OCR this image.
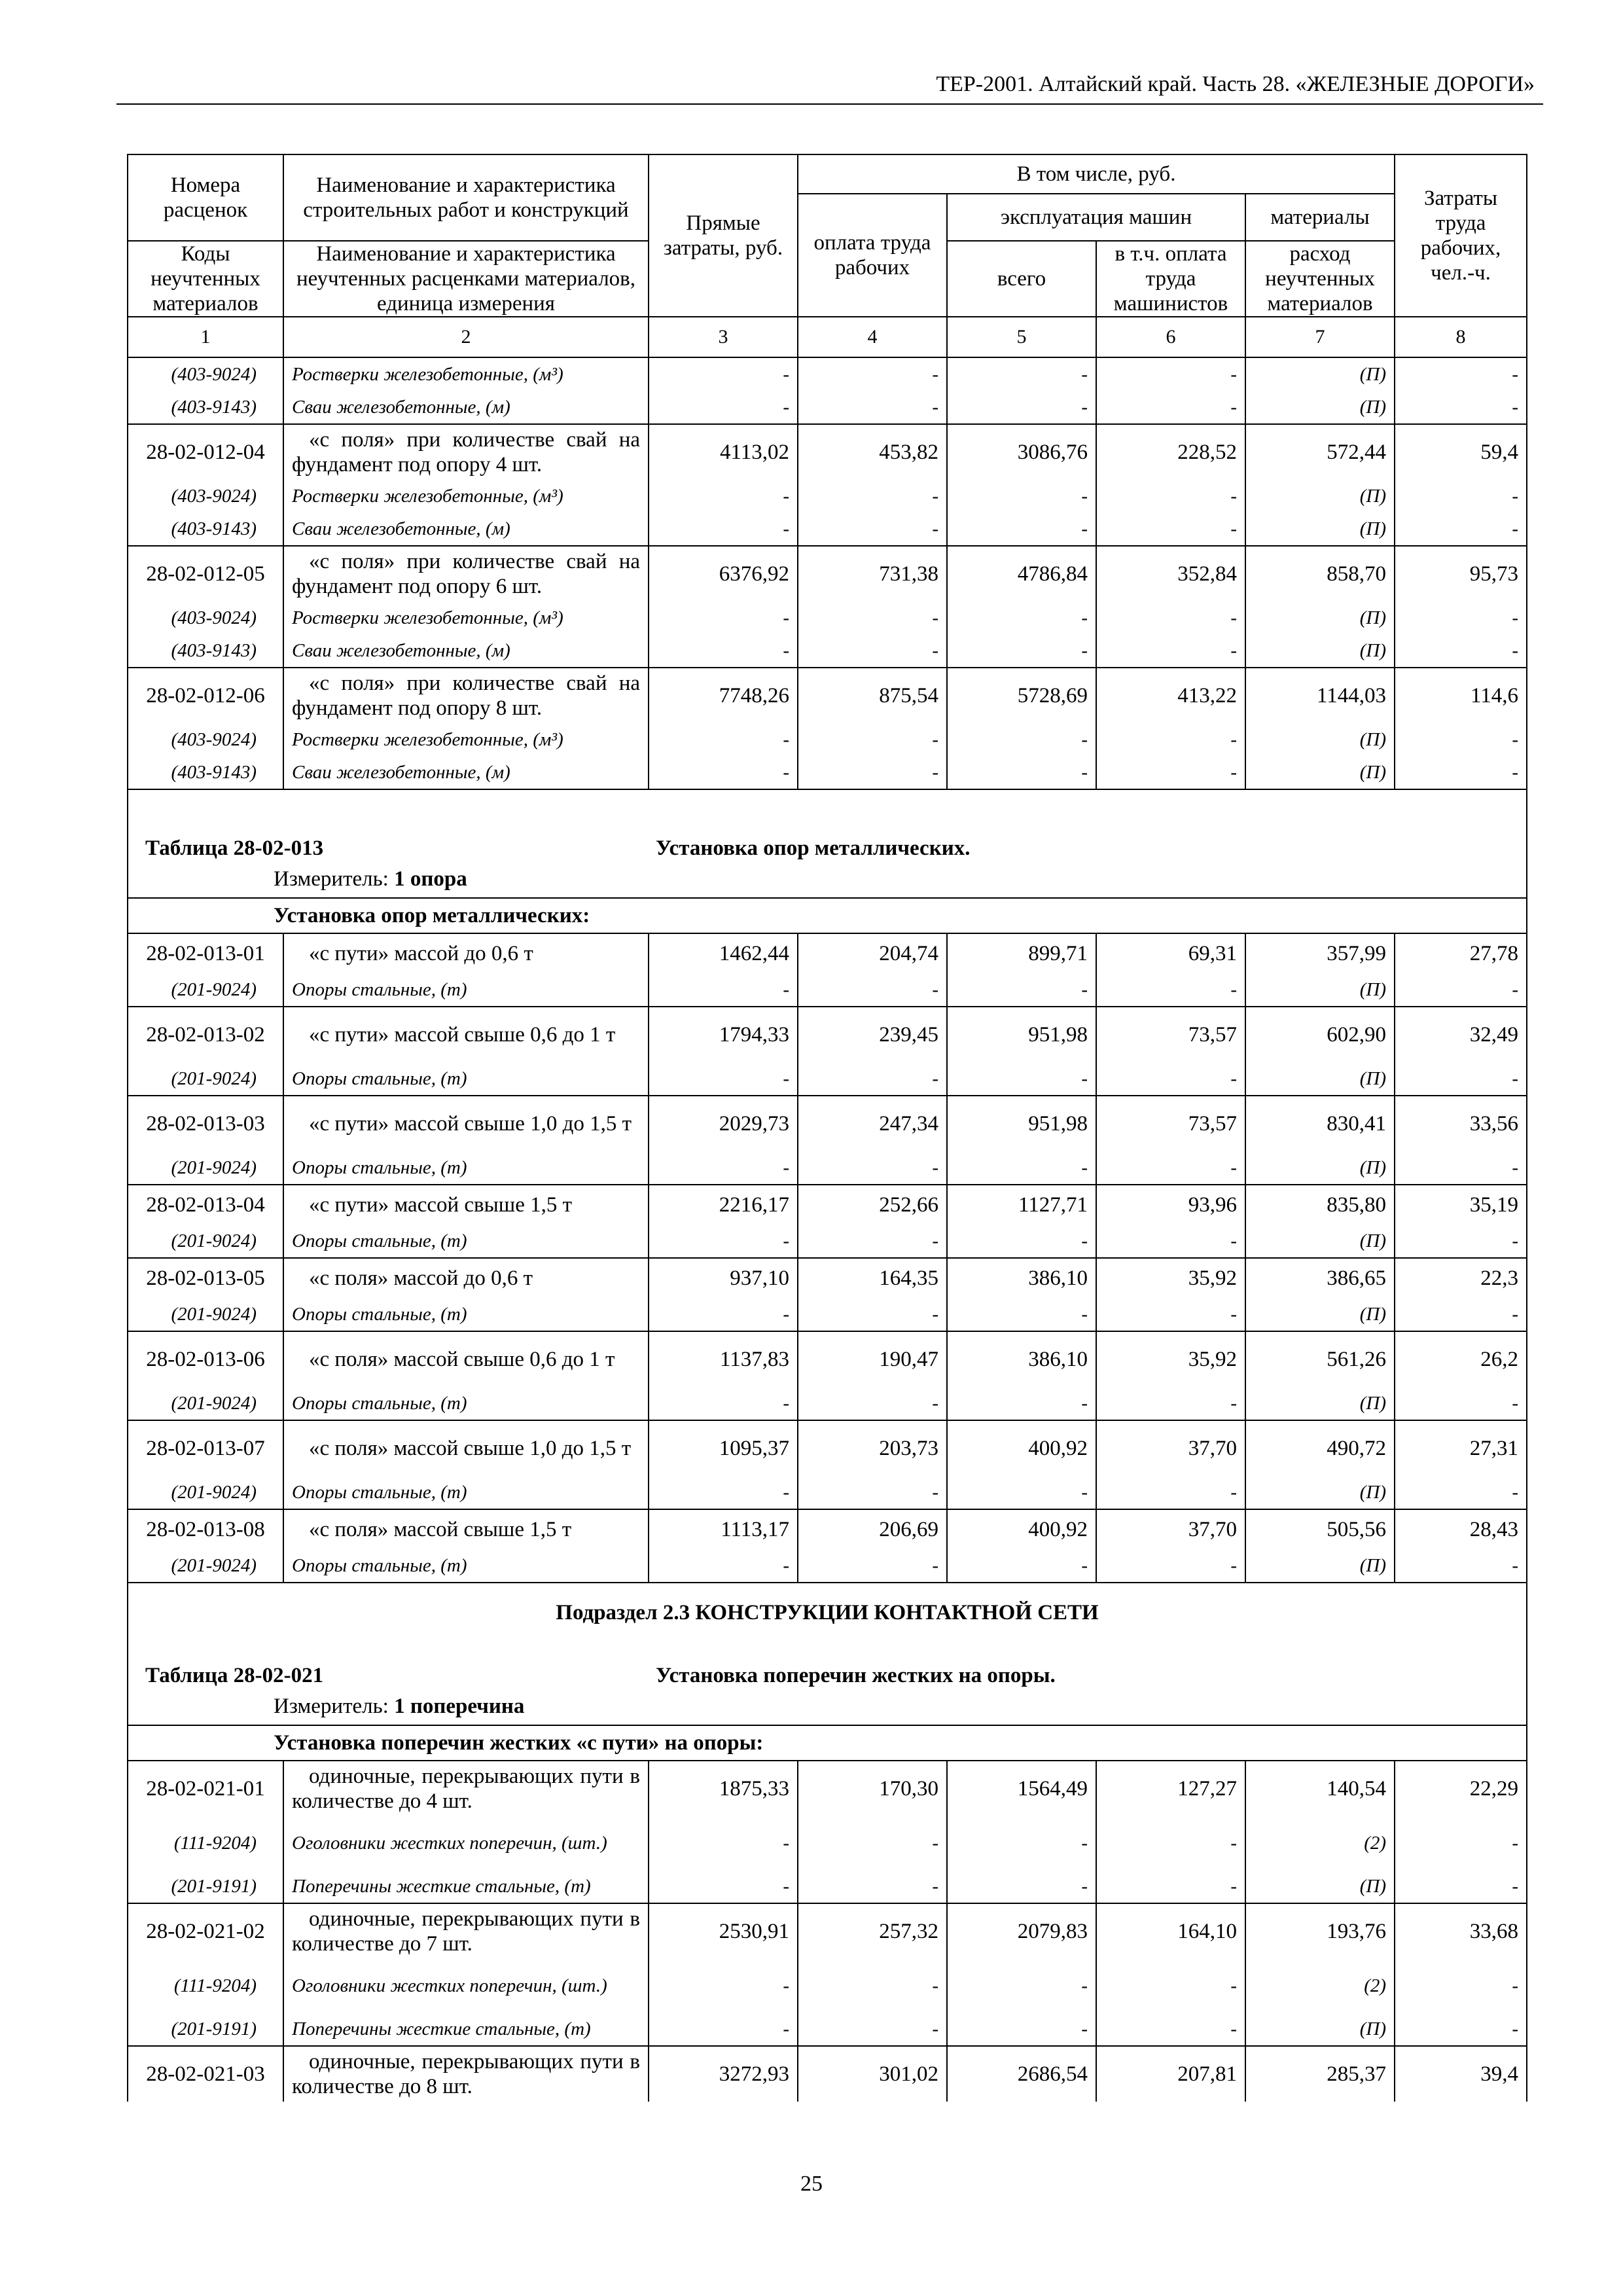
ТЕР-2001. Алтайский край. Часть 28. «ЖЕЛЕЗНЫЕ ДОРОГИ»
Номера расценок	Наименование и характеристика строительных работ и конструкций	Прямые затраты, руб.	В том числе, руб.				Затраты труда рабочих, чел.-ч.
			оплата труда рабочих	эксплуатация машин		материалы	
Коды неучтенных материалов	Наименование и характеристика неучтенных расценками материалов, единица измерения			всего	в т.ч. оплата труда машинистов	расход неучтенных материалов	

1	2	3	4	5	6	7	8
(403-9024)	Ростверки железобетонные, (м³)	-	-	-	-	(П)	-
(403-9143)	Сваи железобетонные, (м)	-	-	-	-	(П)	-
28-02-012-04	«с поля» при количестве свай на фундамент под опору 4 шт.	4113,02	453,82	3086,76	228,52	572,44	59,4
(403-9024)	Ростверки железобетонные, (м³)	-	-	-	-	(П)	-
(403-9143)	Сваи железобетонные, (м)	-	-	-	-	(П)	-
28-02-012-05	«с поля» при количестве свай на фундамент под опору 6 шт.	6376,92	731,38	4786,84	352,84	858,70	95,73
(403-9024)	Ростверки железобетонные, (м³)	-	-	-	-	(П)	-
(403-9143)	Сваи железобетонные, (м)	-	-	-	-	(П)	-
28-02-012-06	«с поля» при количестве свай на фундамент под опору 8 шт.	7748,26	875,54	5728,69	413,22	1144,03	114,6
(403-9024)	Ростверки железобетонные, (м³)	-	-	-	-	(П)	-
(403-9143)	Сваи железобетонные, (м)	-	-	-	-	(П)	-
Таблица 28-02-013 Установка опор металлических.							
Измеритель: 1 опора							
Установка опор металлических:							
28-02-013-01	«с пути» массой до 0,6 т	1462,44	204,74	899,71	69,31	357,99	27,78
(201-9024)	Опоры стальные, (т)	-	-	-	-	(П)	-
28-02-013-02	«с пути» массой свыше 0,6 до 1 т	1794,33	239,45	951,98	73,57	602,90	32,49
(201-9024)	Опоры стальные, (т)	-	-	-	-	(П)	-
28-02-013-03	«с пути» массой свыше 1,0 до 1,5 т	2029,73	247,34	951,98	73,57	830,41	33,56
(201-9024)	Опоры стальные, (т)	-	-	-	-	(П)	-
28-02-013-04	«с пути» массой свыше 1,5 т	2216,17	252,66	1127,71	93,96	835,80	35,19
(201-9024)	Опоры стальные, (т)	-	-	-	-	(П)	-
28-02-013-05	«с поля» массой до 0,6 т	937,10	164,35	386,10	35,92	386,65	22,3
(201-9024)	Опоры стальные, (т)	-	-	-	-	(П)	-
28-02-013-06	«с поля» массой свыше 0,6 до 1 т	1137,83	190,47	386,10	35,92	561,26	26,2
(201-9024)	Опоры стальные, (т)	-	-	-	-	(П)	-
28-02-013-07	«с поля» массой свыше 1,0 до 1,5 т	1095,37	203,73	400,92	37,70	490,72	27,31
(201-9024)	Опоры стальные, (т)	-	-	-	-	(П)	-
28-02-013-08	«с поля» массой свыше 1,5 т	1113,17	206,69	400,92	37,70	505,56	28,43
(201-9024)	Опоры стальные, (т)	-	-	-	-	(П)	-
Подраздел 2.3 КОНСТРУКЦИИ КОНТАКТНОЙ СЕТИ							
Таблица 28-02-021 Установка поперечин жестких на опоры.							
Измеритель: 1 поперечина							
Установка поперечин жестких «с пути» на опоры:							
28-02-021-01	одиночные, перекрывающих пути в количестве до 4 шт.	1875,33	170,30	1564,49	127,27	140,54	22,29
(111-9204)	Оголовники жестких поперечин, (шт.)	-	-	-	-	(2)	-
(201-9191)	Поперечины жесткие стальные, (т)	-	-	-	-	(П)	-
28-02-021-02	одиночные, перекрывающих пути в количестве до 7 шт.	2530,91	257,32	2079,83	164,10	193,76	33,68
(111-9204)	Оголовники жестких поперечин, (шт.)	-	-	-	-	(2)	-
(201-9191)	Поперечины жесткие стальные, (т)	-	-	-	-	(П)	-
28-02-021-03	одиночные, перекрывающих пути в количестве до 8 шт.	3272,93	301,02	2686,54	207,81	285,37	39,4
25
